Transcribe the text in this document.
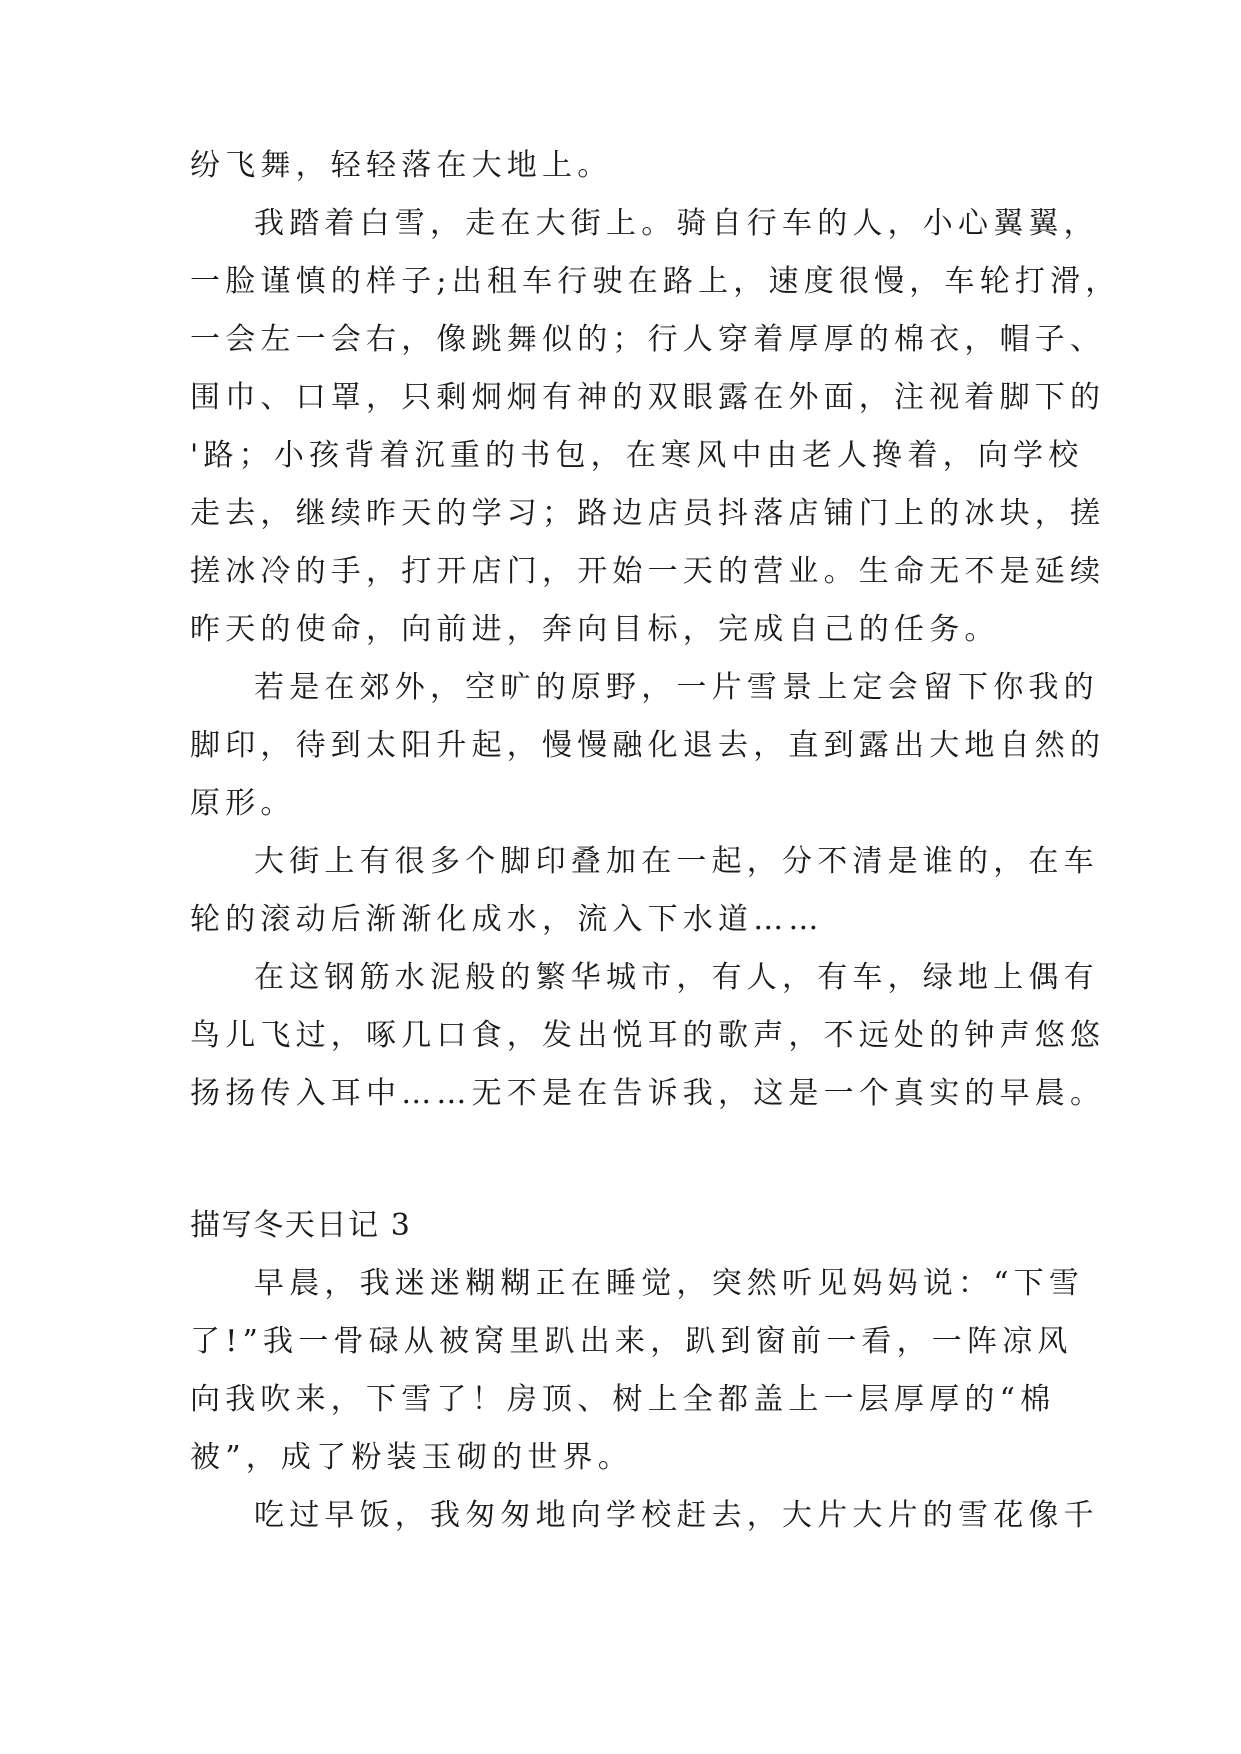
纷飞舞，轻轻落在大地上。
我踏着白雪，走在大街上。骑自行车的人，小心翼翼，
一脸谨慎的样子;出租车行驶在路上，速度很慢，车轮打滑，
一会左一会右，像跳舞似的；行人穿着厚厚的棉衣，帽子、
围巾、口罩，只剩炯炯有神的双眼露在外面，注视着脚下的
'路；小孩背着沉重的书包，在寒风中由老人搀着，向学校
走去，继续昨天的学习；路边店员抖落店铺门上的冰块，搓
搓冰冷的手，打开店门，开始一天的营业。生命无不是延续
昨天的使命，向前进，奔向目标，完成自己的任务。
若是在郊外，空旷的原野，一片雪景上定会留下你我的
脚印，待到太阳升起，慢慢融化退去，直到露出大地自然的
原形。
大街上有很多个脚印叠加在一起，分不清是谁的，在车
轮的滚动后渐渐化成水，流入下水道……
在这钢筋水泥般的繁华城市，有人，有车，绿地上偶有
鸟儿飞过，啄几口食，发出悦耳的歌声，不远处的钟声悠悠
扬扬传入耳中……无不是在告诉我，这是一个真实的早晨。
描写冬天日记 3
早晨，我迷迷糊糊正在睡觉，突然听见妈妈说：“下雪
了!”我一骨碌从被窝里趴出来，趴到窗前一看，一阵凉风
向我吹来，下雪了！房顶、树上全都盖上一层厚厚的“棉
被”，成了粉装玉砌的世界。
吃过早饭，我匆匆地向学校赶去，大片大片的雪花像千
